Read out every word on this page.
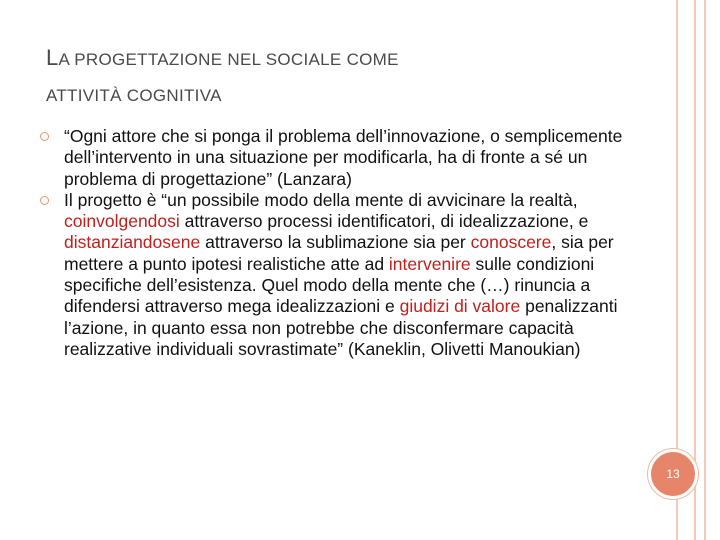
LA PROGETTAZIONE NEL SOCIALE COME
ATTIVITÀ COGNITIVA
“Ogni attore che si ponga il problema dell’innovazione, o semplicemente dell’intervento in una situazione per modificarla, ha di fronte a sé un problema di progettazione” (Lanzara)
Il progetto è “un possibile modo della mente di avvicinare la realtà, coinvolgendosi attraverso processi identificatori, di idealizzazione, e distanziandosene attraverso la sublimazione sia per conoscere, sia per mettere a punto ipotesi realistiche atte ad intervenire sulle condizioni specifiche dell’esistenza. Quel modo della mente che (…) rinuncia a difendersi attraverso mega idealizzazioni e giudizi di valore penalizzanti l’azione, in quanto essa non potrebbe che disconfermare capacità realizzative individuali sovrastimate” (Kaneklin, Olivetti Manoukian)
13
